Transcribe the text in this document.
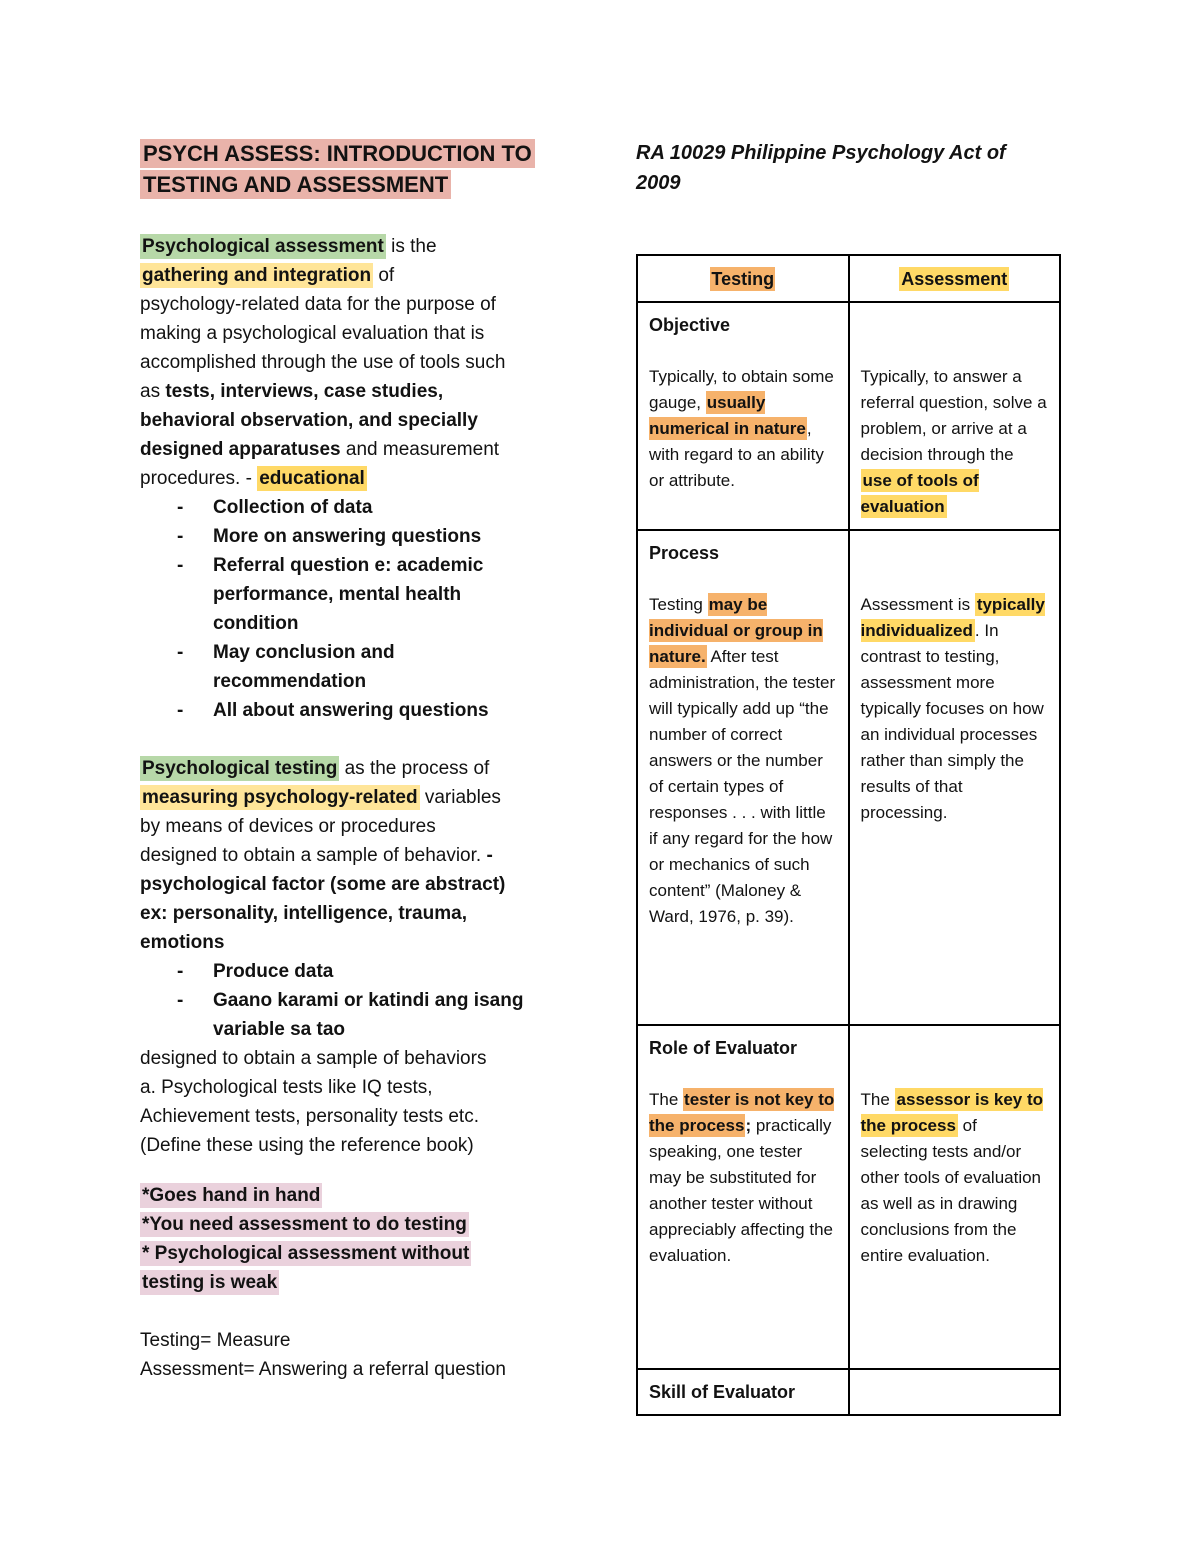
PSYCH ASSESS: INTRODUCTION TO
TESTING AND ASSESSMENT

Psychological assessment is the
gathering and integration of
psychology-related data for the purpose of
making a psychological evaluation that is
accomplished through the use of tools such
as tests, interviews, case studies,
behavioral observation, and specially
designed apparatuses and measurement
procedures. - educational

- Collection of data
- More on answering questions
- Referral question e: academic
performance, mental health
condition
- May conclusion and
recommendation
- All about answering questions

Psychological testing as the process of
measuring psychology-related variables
by means of devices or procedures
designed to obtain a sample of behavior. -
psychological factor (some are abstract)
ex: personality, intelligence, trauma,
emotions

- Produce data
- Gaano karami or katindi ang isang
variable sa tao

designed to obtain a sample of behaviors
a. Psychological tests like IQ tests,
Achievement tests, personality tests etc.
(Define these using the reference book)

*Goes hand in hand
*You need assessment to do testing
* Psychological assessment without
testing is weak

Testing= Measure
Assessment= Answering a referral question

RA 10029 Philippine Psychology Act of
2009
Testing	Assessment

Objective
Typically, to obtain some gauge, usually numerical in nature, with regard to an ability or attribute.	Typically, to answer a referral question, solve a problem, or arrive at a decision through the use of tools of evaluation

Process
Testing may be individual or group in nature. After test administration, the tester will typically add up “the number of correct answers or the number of certain types of responses . . . with little if any regard for the how or mechanics of such content” (Maloney & Ward, 1976, p. 39).	Assessment is typically individualized . In contrast to testing, assessment more typically focuses on how an individual processes rather than simply the results of that processing.

Role of Evaluator
The tester is not key to the process; practically speaking, one tester may be substituted for another tester without appreciably affecting the evaluation.	The assessor is key to the process of selecting tests and/or other tools of evaluation as well as in drawing conclusions from the entire evaluation.

Skill of Evaluator	
